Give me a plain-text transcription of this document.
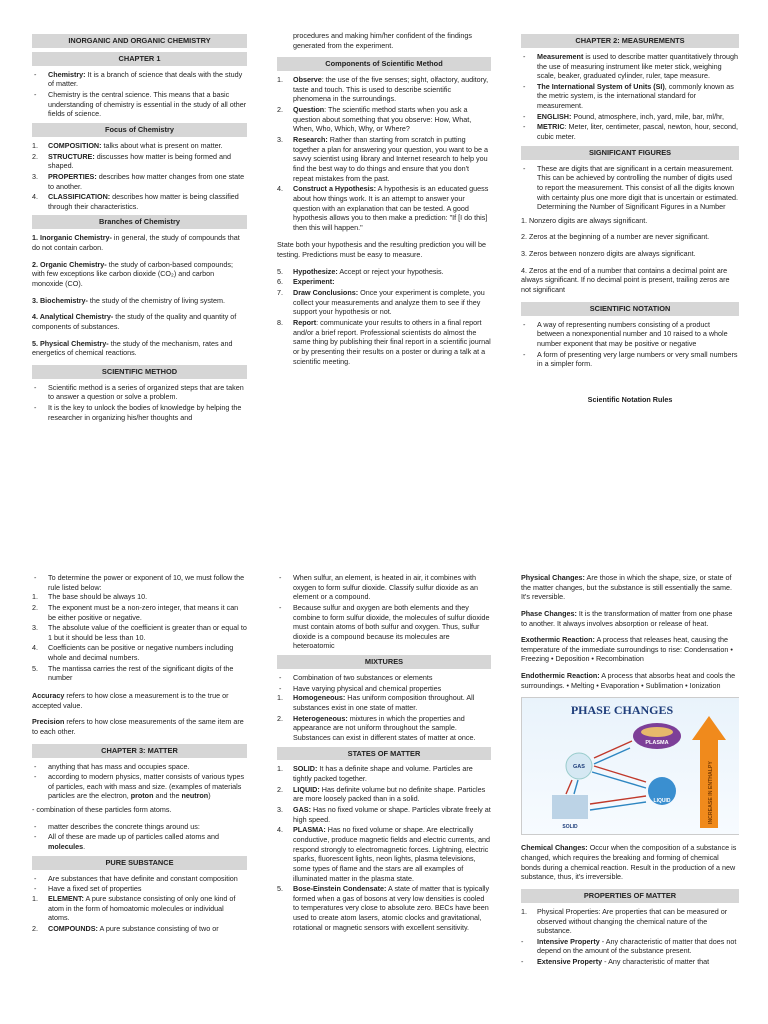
INORGANIC AND ORGANIC CHEMISTRY
CHAPTER 1
- Chemistry: It is a branch of science that deals with the study of matter.
- Chemistry is the central science. This means that a basic understanding of chemistry is essential in the study of all other fields of science.
Focus of Chemistry
1. COMPOSITION: talks about what is present on matter.
2. STRUCTURE: discusses how matter is being formed and shaped.
3. PROPERTIES: describes how matter changes from one state to another.
4. CLASSIFICATION: describes how matter is being classified through their characteristics.
Branches of Chemistry

1. Inorganic Chemistry- in general, the study of compounds that do not contain carbon.

2. Organic Chemistry- the study of carbon-based compounds; with few exceptions like carbon dioxide (CO₂) and carbon monoxide (CO).

3. Biochemistry- the study of the chemistry of living system.

4. Analytical Chemistry- the study of the quality and quantity of components of substances.

5. Physical Chemistry- the study of the mechanism, rates and energetics of chemical reactions.

SCIENTIFIC METHOD
- Scientific method is a series of organized steps that are taken to answer a question or solve a problem.
- It is the key to unlock the bodies of knowledge by helping the researcher in organizing his/her thoughts and

procedures and making him/her confident of the findings generated from the experiment.

Components of Scientific Method
1. Observe: the use of the five senses; sight, olfactory, auditory, taste and touch. This is used to describe scientific phenomena in the surroundings.
2. Question: The scientific method starts when you ask a question about something that you observe: How, What, When, Who, Which, Why, or Where?
3. Research: Rather than starting from scratch in putting together a plan for answering your question, you want to be a savvy scientist using library and Internet research to help you find the best way to do things and ensure that you don't repeat mistakes from the past.
4. Construct a Hypothesis: A hypothesis is an educated guess about how things work. It is an attempt to answer your question with an explanation that can be tested. A good hypothesis allows you to then make a prediction: "If [I do this] then this will happen."

State both your hypothesis and the resulting prediction you will be testing. Predictions must be easy to measure.

5. Hypothesize: Accept or reject your hypothesis.
6. Experiment:
7. Draw Conclusions: Once your experiment is complete, you collect your measurements and analyze them to see if they support your hypothesis or not.
8. Report: communicate your results to others in a final report and/or a brief report. Professional scientists do almost the same thing by publishing their final report in a scientific journal or by presenting their results on a poster or during a talk at a scientific meeting.
CHAPTER 2: MEASUREMENTS
- Measurement is used to describe matter quantitatively through the use of measuring instrument like meter stick, weighing scale, beaker, graduated cylinder, ruler, tape measure.
- The International System of Units (SI), commonly known as the metric system, is the international standard for measurement.
- ENGLISH: Pound, atmosphere, inch, yard, mile, bar, ml/hr,
- METRIC: Meter, liter, centimeter, pascal, newton, hour, second, cubic meter.
SIGNIFICANT FIGURES
- These are digits that are significant in a certain measurement. This can be achieved by controlling the number of digits used to report the measurement. This consist of all the digits known with certainty plus one more digit that is uncertain or estimated. Determining the Number of Significant Figures in a Number

1. Nonzero digits are always significant.

2. Zeros at the beginning of a number are never significant.

3. Zeros between nonzero digits are always significant.

4. Zeros at the end of a number that contains a decimal point are always significant. If no decimal point is present, trailing zeros are not significant

SCIENTIFIC NOTATION
- A way of representing numbers consisting of a product between a nonexponential number and 10 raised to a whole number exponent that may be positive or negative
- A form of presenting very large numbers or very small numbers in a simpler form.
Scientific Notation Rules
- To determine the power or exponent of 10, we must follow the rule listed below:
1. The base should be always 10.
2. The exponent must be a non-zero integer, that means it can be either positive or negative.
3. The absolute value of the coefficient is greater than or equal to 1 but it should be less than 10.
4. Coefficients can be positive or negative numbers including whole and decimal numbers.
5. The mantissa carries the rest of the significant digits of the number

Accuracy refers to how close a measurement is to the true or accepted value.

Precision refers to how close measurements of the same item are to each other.

CHAPTER 3: MATTER
- anything that has mass and occupies space.
- according to modern physics, matter consists of various types of particles, each with mass and size. (examples of materials particles are the electron, proton and the neutron)

- combination of these particles form atoms.

- matter describes the concrete things around us:
- All of these are made up of particles called atoms and molecules.
PURE SUBSTANCE
- Are substances that have definite and constant composition
- Have a fixed set of properties
1. ELEMENT: A pure substance consisting of only one kind of atom in the form of homoatomic molecules or individual atoms.
2. COMPOUNDS: A pure substance consisting of two or
- When sulfur, an element, is heated in air, it combines with oxygen to form sulfur dioxide. Classify sulfur dioxide as an element or a compound.
- Because sulfur and oxygen are both elements and they combine to form sulfur dioxide, the molecules of sulfur dioxide must contain atoms of both sulfur and oxygen. Thus, sulfur dioxide is a compound because its molecules are heteroatomic
MIXTURES
- Combination of two substances or elements
- Have varying physical and chemical properties
1. Homogeneous: Has uniform composition throughout. All substances exist in one state of matter.
2. Heterogeneous: mixtures in which the properties and appearance are not uniform throughout the sample. Substances can exist in different states of matter at once.
STATES OF MATTER
1. SOLID: It has a definite shape and volume. Particles are tightly packed together.
2. LIQUID: Has definite volume but no definite shape. Particles are more loosely packed than in a solid.
3. GAS: Has no fixed volume or shape. Particles vibrate freely at high speed.
4. PLASMA: Has no fixed volume or shape. Are electrically conductive, produce magnetic fields and electric currents, and respond strongly to electromagnetic forces. Lightning, electric sparks, fluorescent lights, neon lights, plasma televisions, some types of flame and the stars are all examples of illuminated matter in the plasma state.
5. Bose-Einstein Condensate: A state of matter that is typically formed when a gas of bosons at very low densities is cooled to temperatures very close to absolute zero. BECs have been used to create atom lasers, atomic clocks and gravitational, rotational or magnetic sensors with excellent sensitivity.

Physical Changes: Are those in which the shape, size, or state of the matter changes, but the substance is still essentially the same. It's reversible.

Phase Changes: It is the transformation of matter from one phase to another. It always involves absorption or release of heat.

Exothermic Reaction: A process that releases heat, causing the temperature of the immediate surroundings to rise: Condensation • Freezing • Deposition • Recombination

Endothermic Reaction: A process that absorbs heat and cools the surroundings. • Melting • Evaporation • Sublimation • Ionization

PHASE CHANGES
INCREASE IN ENTHALPY
PLASMA
GAS
LIQUID
SOLID

Chemical Changes: Occur when the composition of a substance is changed, which requires the breaking and forming of chemical bonds during a chemical reaction. Result in the production of a new substance, thus, it's irreversible.

PROPERTIES OF MATTER
1. Physical Properties: Are properties that can be measured or observed without changing the chemical nature of the substance.
- Intensive Property - Any characteristic of matter that does not depend on the amount of the substance present.
- Extensive Property - Any characteristic of matter that
